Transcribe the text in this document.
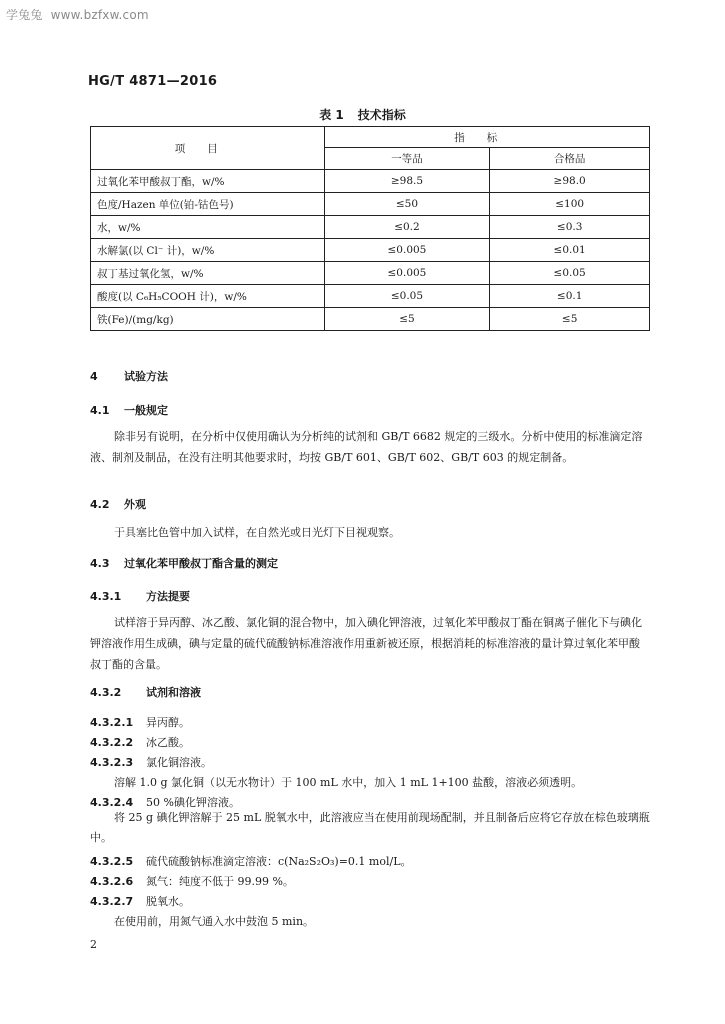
学兔兔 www.bzfxw.com
HG/T 4871—2016
表 1 技术指标
项目	指标	
	一等品	合格品
过氧化苯甲酸叔丁酯，w/%	≥98.5	≥98.0
色度/Hazen 单位(铂-钴色号)	≤50	≤100
水，w/%	≤0.2	≤0.3
水解氯(以 Cl⁻ 计)，w/%	≤0.005	≤0.01
叔丁基过氧化氢，w/%	≤0.005	≤0.05
酸度(以 C₆H₅COOH 计)，w/%	≤0.05	≤0.1
铁(Fe)/(mg/kg)	≤5	≤5
4 试验方法
4.1 一般规定
除非另有说明，在分析中仅使用确认为分析纯的试剂和 GB/T 6682 规定的三级水。分析中使用的标准滴定溶液、制剂及制品，在没有注明其他要求时，均按 GB/T 601、GB/T 602、GB/T 603 的规定制备。
4.2 外观
于具塞比色管中加入试样，在自然光或日光灯下目视观察。
4.3 过氧化苯甲酸叔丁酯含量的测定
4.3.1 方法提要
试样溶于异丙醇、冰乙酸、氯化铜的混合物中，加入碘化钾溶液，过氧化苯甲酸叔丁酯在铜离子催化下与碘化钾溶液作用生成碘，碘与定量的硫代硫酸钠标准溶液作用重新被还原，根据消耗的标准溶液的量计算过氧化苯甲酸叔丁酯的含量。
4.3.2 试剂和溶液
4.3.2.1 异丙醇。
4.3.2.2 冰乙酸。
4.3.2.3 氯化铜溶液。
溶解 1.0 g 氯化铜（以无水物计）于 100 mL 水中，加入 1 mL 1+100 盐酸，溶液必须透明。
4.3.2.4 50 %碘化钾溶液。
将 25 g 碘化钾溶解于 25 mL 脱氧水中，此溶液应当在使用前现场配制，并且制备后应将它存放在棕色玻璃瓶中。
4.3.2.5 硫代硫酸钠标准滴定溶液：c(Na₂S₂O₃)=0.1 mol/L。
4.3.2.6 氮气：纯度不低于 99.99 %。
4.3.2.7 脱氧水。
在使用前，用氮气通入水中鼓泡 5 min。
2
